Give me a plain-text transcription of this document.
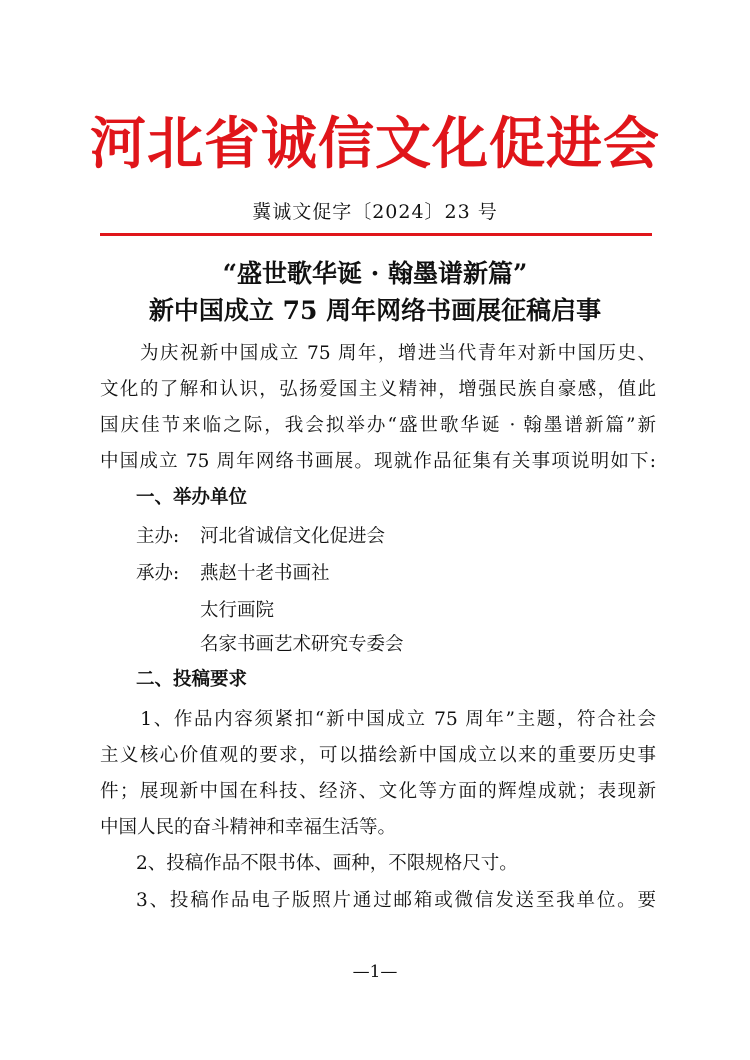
河北省诚信文化促进会
冀诚文促字〔2024〕23 号
“盛世歌华诞 · 翰墨谱新篇”
新中国成立 75 周年网络书画展征稿启事
　　为庆祝新中国成立 75 周年，增进当代青年对新中国历史、
文化的了解和认识，弘扬爱国主义精神，增强民族自豪感，值此
国庆佳节来临之际，我会拟举办“盛世歌华诞 · 翰墨谱新篇”新
中国成立 75 周年网络书画展。现就作品征集有关事项说明如下:
一、举办单位
主办: 河北省诚信文化促进会
承办: 燕赵十老书画社
太行画院
名家书画艺术研究专委会
二、投稿要求
　　1、作品内容须紧扣“新中国成立 75 周年”主题，符合社会
主义核心价值观的要求，可以描绘新中国成立以来的重要历史事
件；展现新中国在科技、经济、文化等方面的辉煌成就；表现新
中国人民的奋斗精神和幸福生活等。
2、投稿作品不限书体、画种，不限规格尺寸。
3、投稿作品电子版照片通过邮箱或微信发送至我单位。要
—1—
